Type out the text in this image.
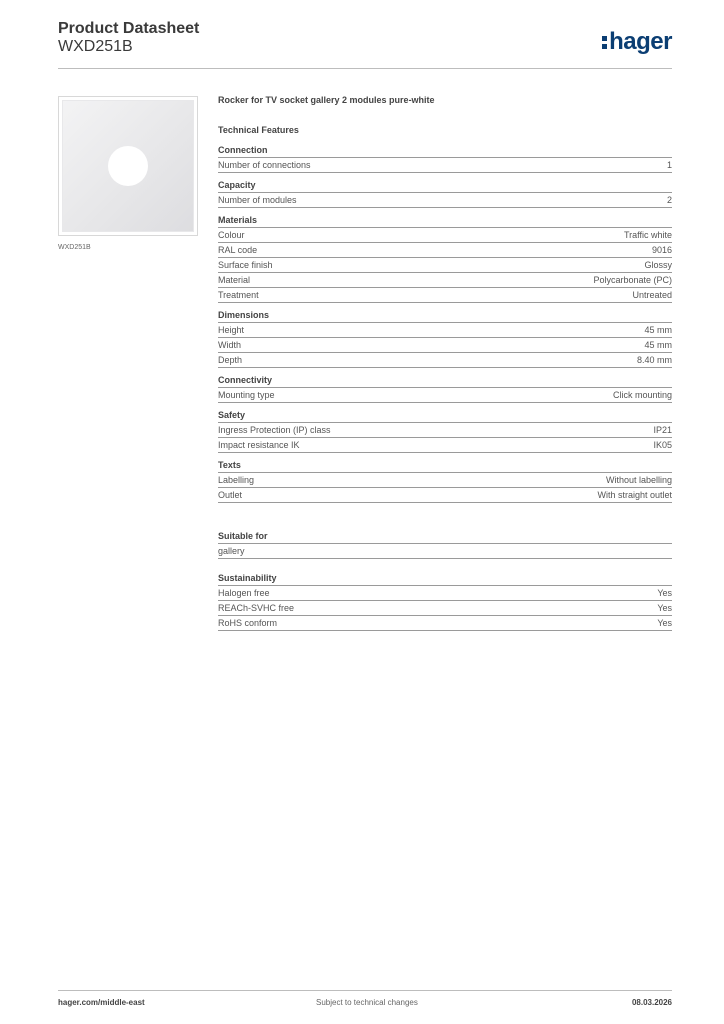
Product Datasheet
WXD251B	hager
WXD251B
Rocker for TV socket gallery 2 modules pure-white
Technical Features
Connection
Number of connections	1
Capacity
Number of modules	2
Materials
Colour	Traffic white
RAL code	9016
Surface finish	Glossy
Material	Polycarbonate (PC)
Treatment	Untreated
Dimensions
Height	45 mm
Width	45 mm
Depth	8.40 mm
Connectivity
Mounting type	Click mounting
Safety
Ingress Protection (IP) class	IP21
Impact resistance IK	IK05
Texts
Labelling	Without labelling
Outlet	With straight outlet
Suitable for
gallery
Sustainability
Halogen free	Yes
REACh-SVHC free	Yes
RoHS conform	Yes
hager.com/middle-east	Subject to technical changes	08.03.2026
